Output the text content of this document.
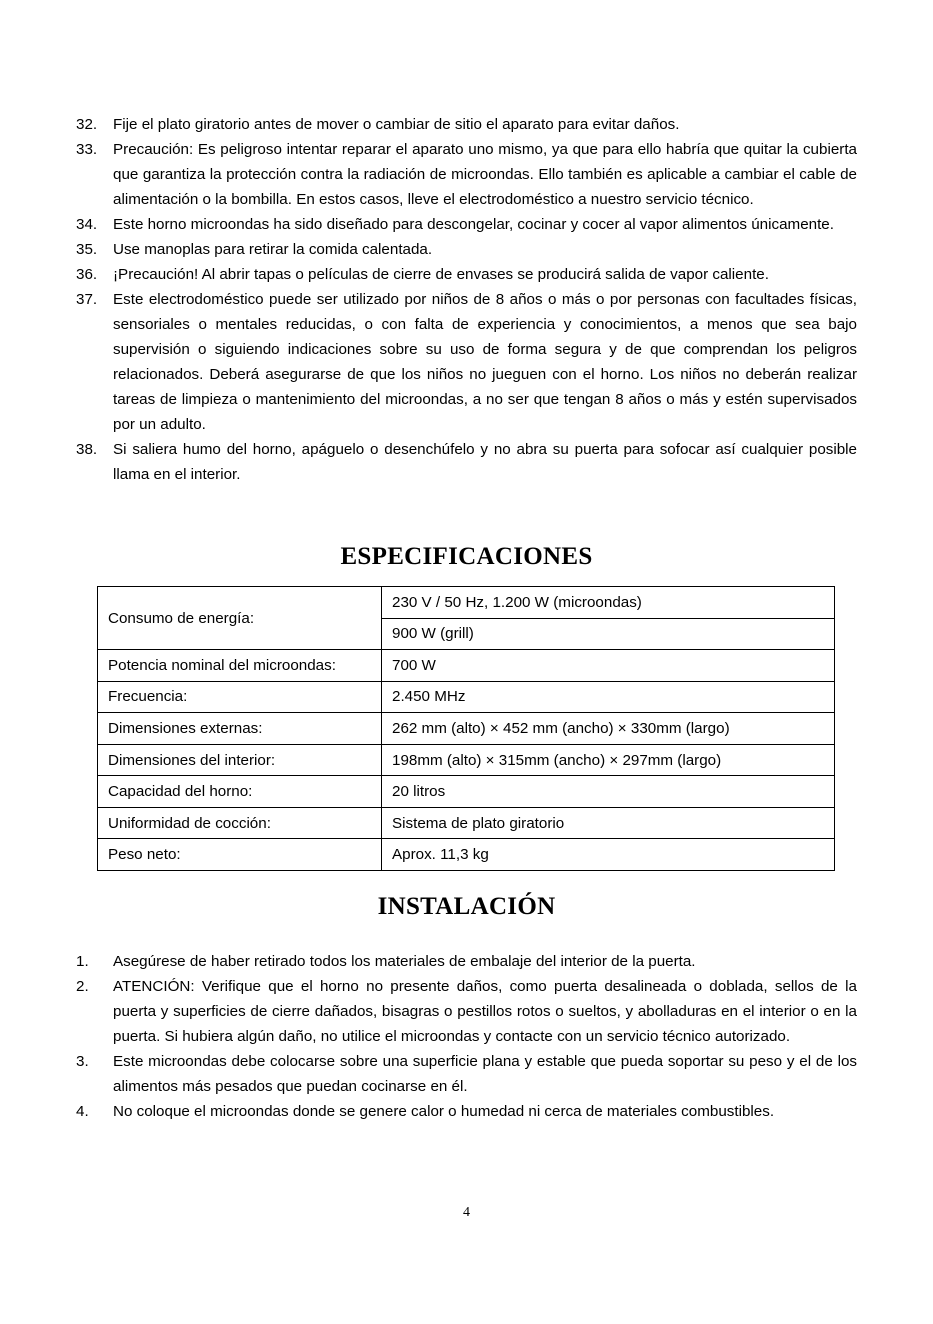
32.	Fije el plato giratorio antes de mover o cambiar de sitio el aparato para evitar daños.
33.	Precaución: Es peligroso intentar reparar el aparato uno mismo, ya que para ello habría que quitar la cubierta que garantiza la protección contra la radiación de microondas. Ello también es aplicable a cambiar el cable de alimentación o la bombilla. En estos casos, lleve el electrodoméstico a nuestro servicio técnico.
34.	Este horno microondas ha sido diseñado para descongelar, cocinar y cocer al vapor alimentos únicamente.
35.	Use manoplas para retirar la comida calentada.
36.	¡Precaución! Al abrir tapas o películas de cierre de envases se producirá salida de vapor caliente.
37.	Este electrodoméstico puede ser utilizado por niños de 8 años o más o por personas con facultades físicas, sensoriales o mentales reducidas, o con falta de experiencia y conocimientos, a menos que sea bajo supervisión o siguiendo indicaciones sobre su uso de forma segura y de que comprendan los peligros relacionados. Deberá asegurarse de que los niños no jueguen con el horno. Los niños no deberán realizar tareas de limpieza o mantenimiento del microondas, a no ser que tengan 8 años o más y estén supervisados por un adulto.
38.	Si saliera humo del horno, apáguelo o desenchúfelo y no abra su puerta para sofocar así cualquier posible llama en el interior.
ESPECIFICACIONES
Consumo de energía:	230 V / 50 Hz, 1.200 W (microondas)
	900 W (grill)
Potencia nominal del microondas:	700 W
Frecuencia:	2.450 MHz
Dimensiones externas:	262 mm (alto) × 452 mm (ancho) × 330mm (largo)
Dimensiones del interior:	198mm (alto) × 315mm (ancho) × 297mm (largo)
Capacidad del horno:	20 litros
Uniformidad de cocción:	Sistema de plato giratorio
Peso neto:	Aprox. 11,3 kg
INSTALACIÓN
1.	Asegúrese de haber retirado todos los materiales de embalaje del interior de la puerta.
2.	ATENCIÓN: Verifique que el horno no presente daños, como puerta desalineada o doblada, sellos de la puerta y superficies de cierre dañados, bisagras o pestillos rotos o sueltos, y abolladuras en el interior o en la puerta. Si hubiera algún daño, no utilice el microondas y contacte con un servicio técnico autorizado.
3.	Este microondas debe colocarse sobre una superficie plana y estable que pueda soportar su peso y el de los alimentos más pesados que puedan cocinarse en él.
4.	No coloque el microondas donde se genere calor o humedad ni cerca de materiales combustibles.
4
